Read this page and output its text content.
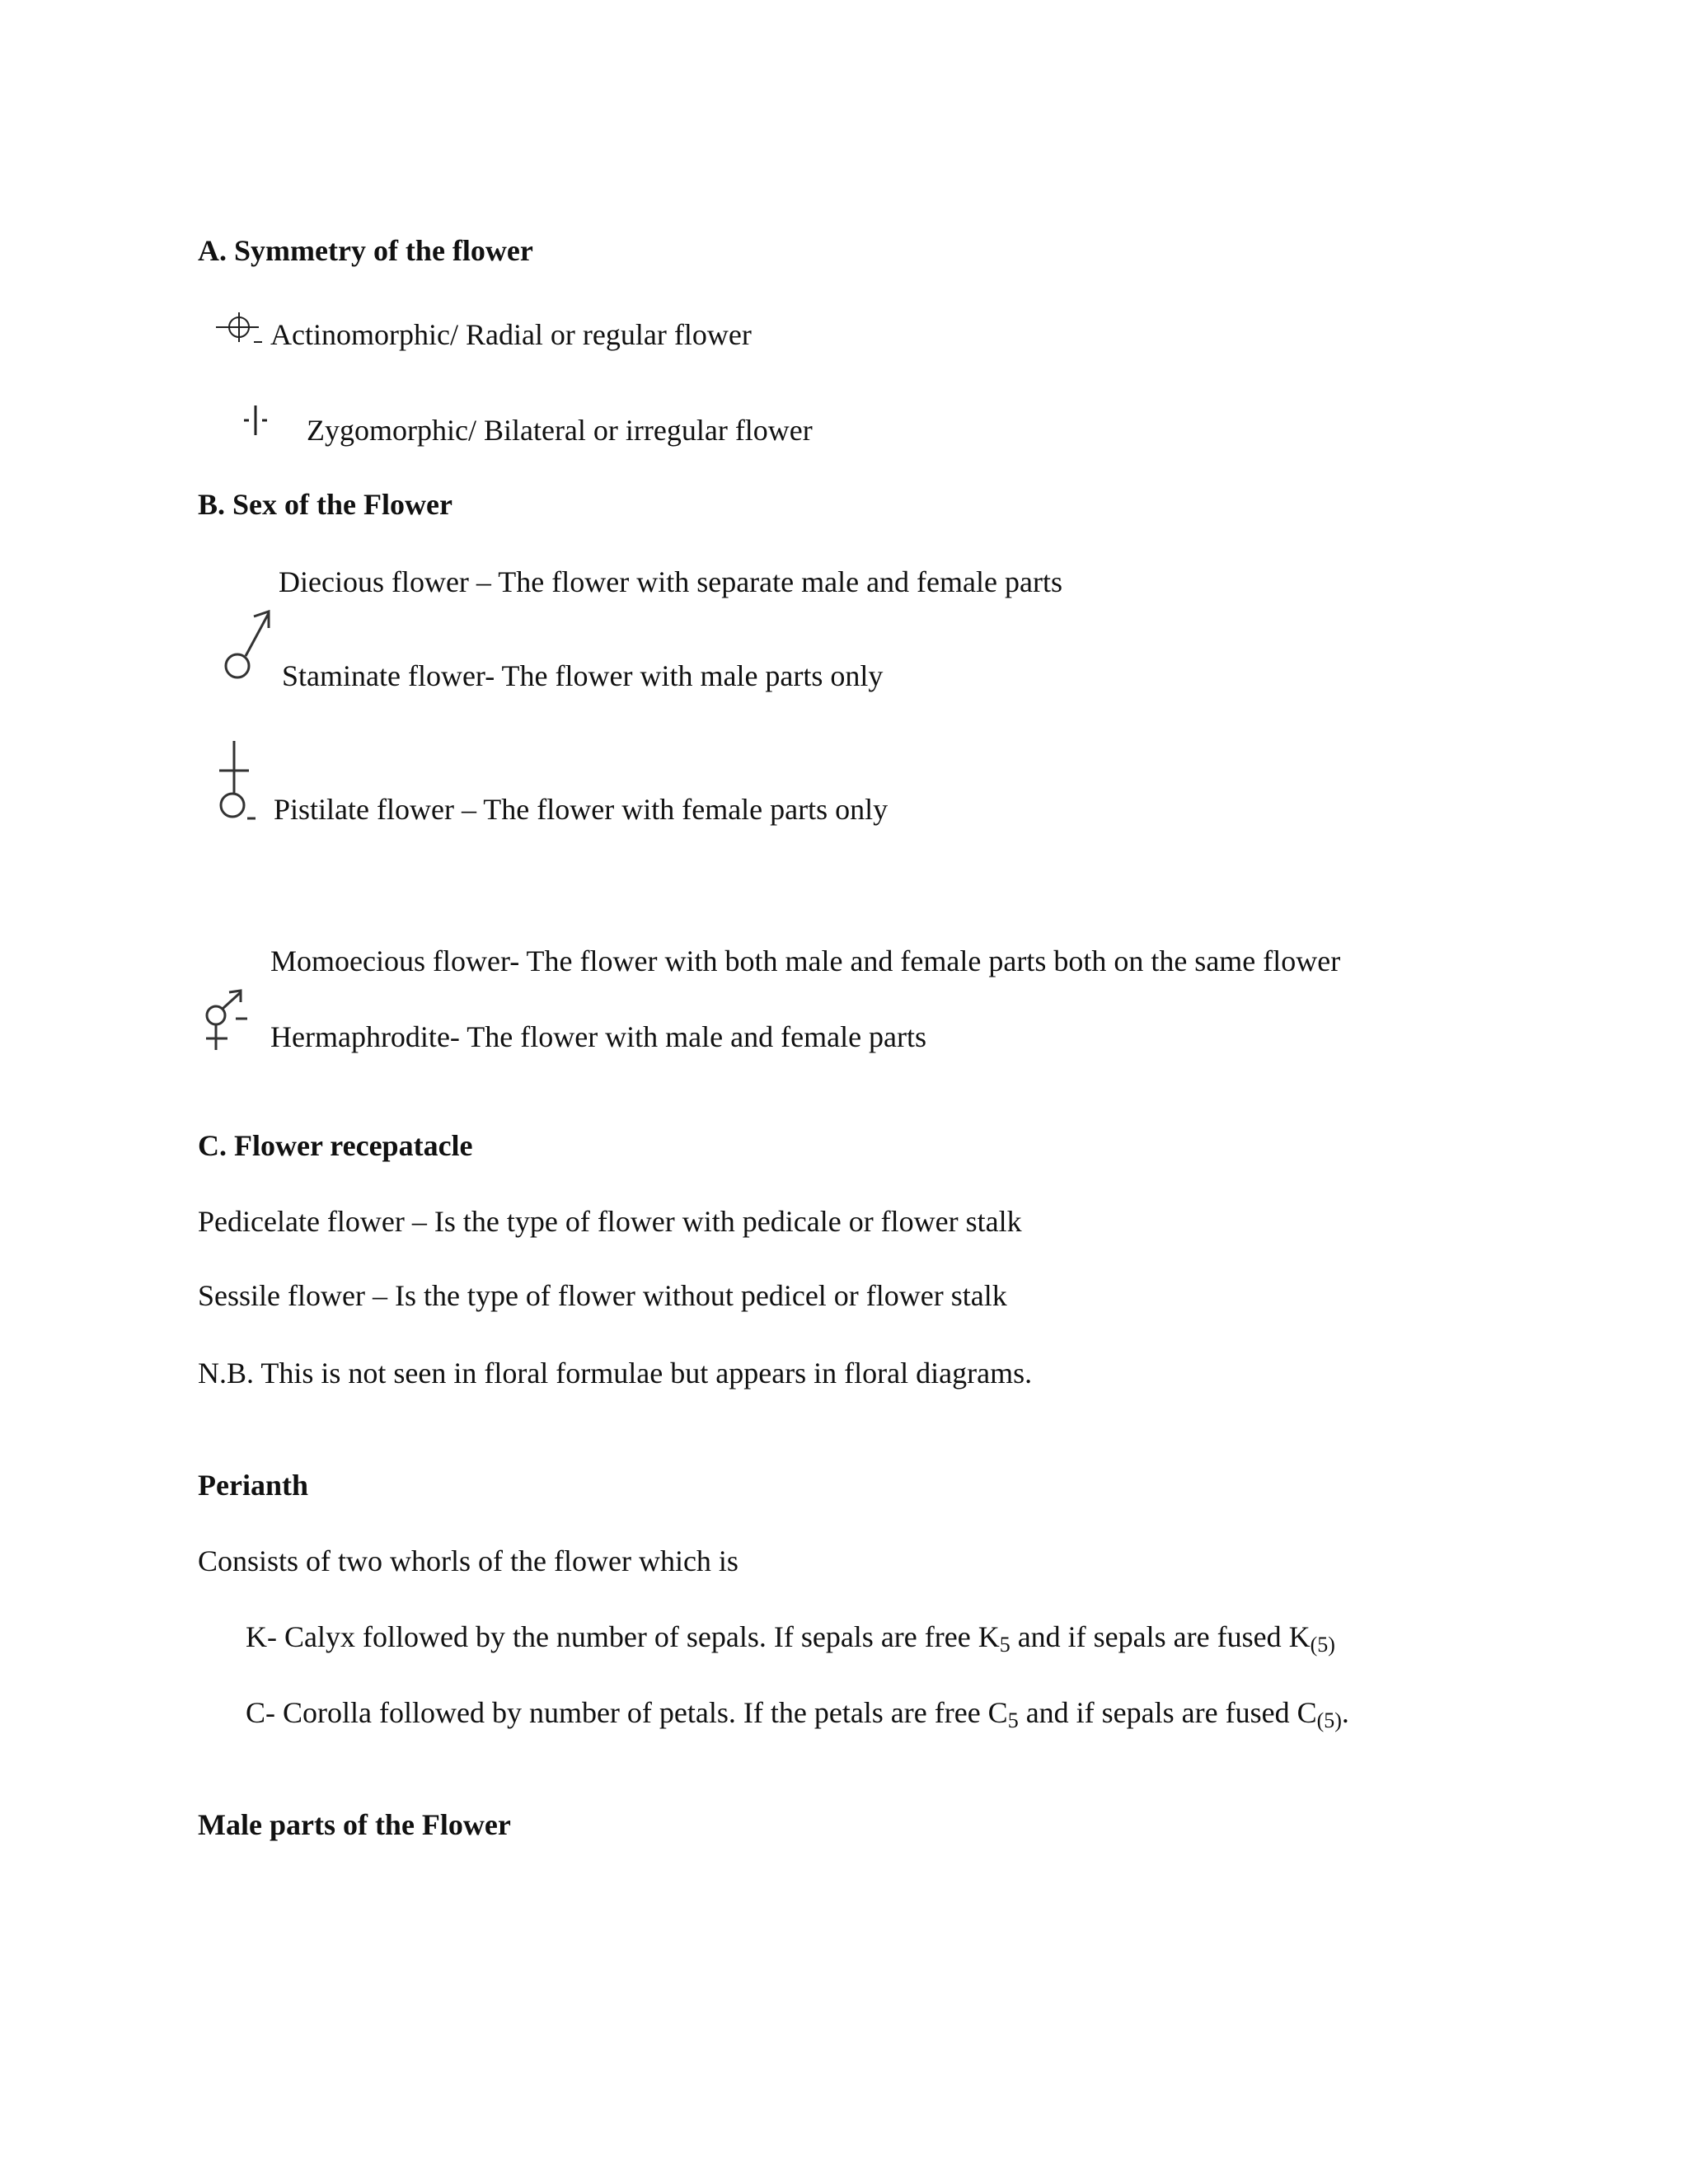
A. Symmetry of the flower
Actinomorphic/ Radial or regular flower
Zygomorphic/ Bilateral or irregular flower
B. Sex of the Flower
Diecious flower – The flower with separate male and female parts
Staminate flower- The flower with male parts only
Pistilate flower – The flower with female parts only
Momoecious flower- The flower with both male and female parts both on the same flower
Hermaphrodite- The flower with male and female parts
C. Flower recepatacle
Pedicelate flower – Is the type of flower with pedicale or flower stalk
Sessile flower – Is the type of flower without pedicel or flower stalk
N.B. This is not seen in floral formulae but appears in floral diagrams.
Perianth
Consists of two whorls of the flower which is
K- Calyx followed by the number of sepals. If sepals are free $K_5$ and if sepals are fused $K_{(5)}$
C- Corolla followed by number of petals. If the petals are free $C_5$ and if sepals are fused $C_{(5)}$.
Male parts of the Flower
